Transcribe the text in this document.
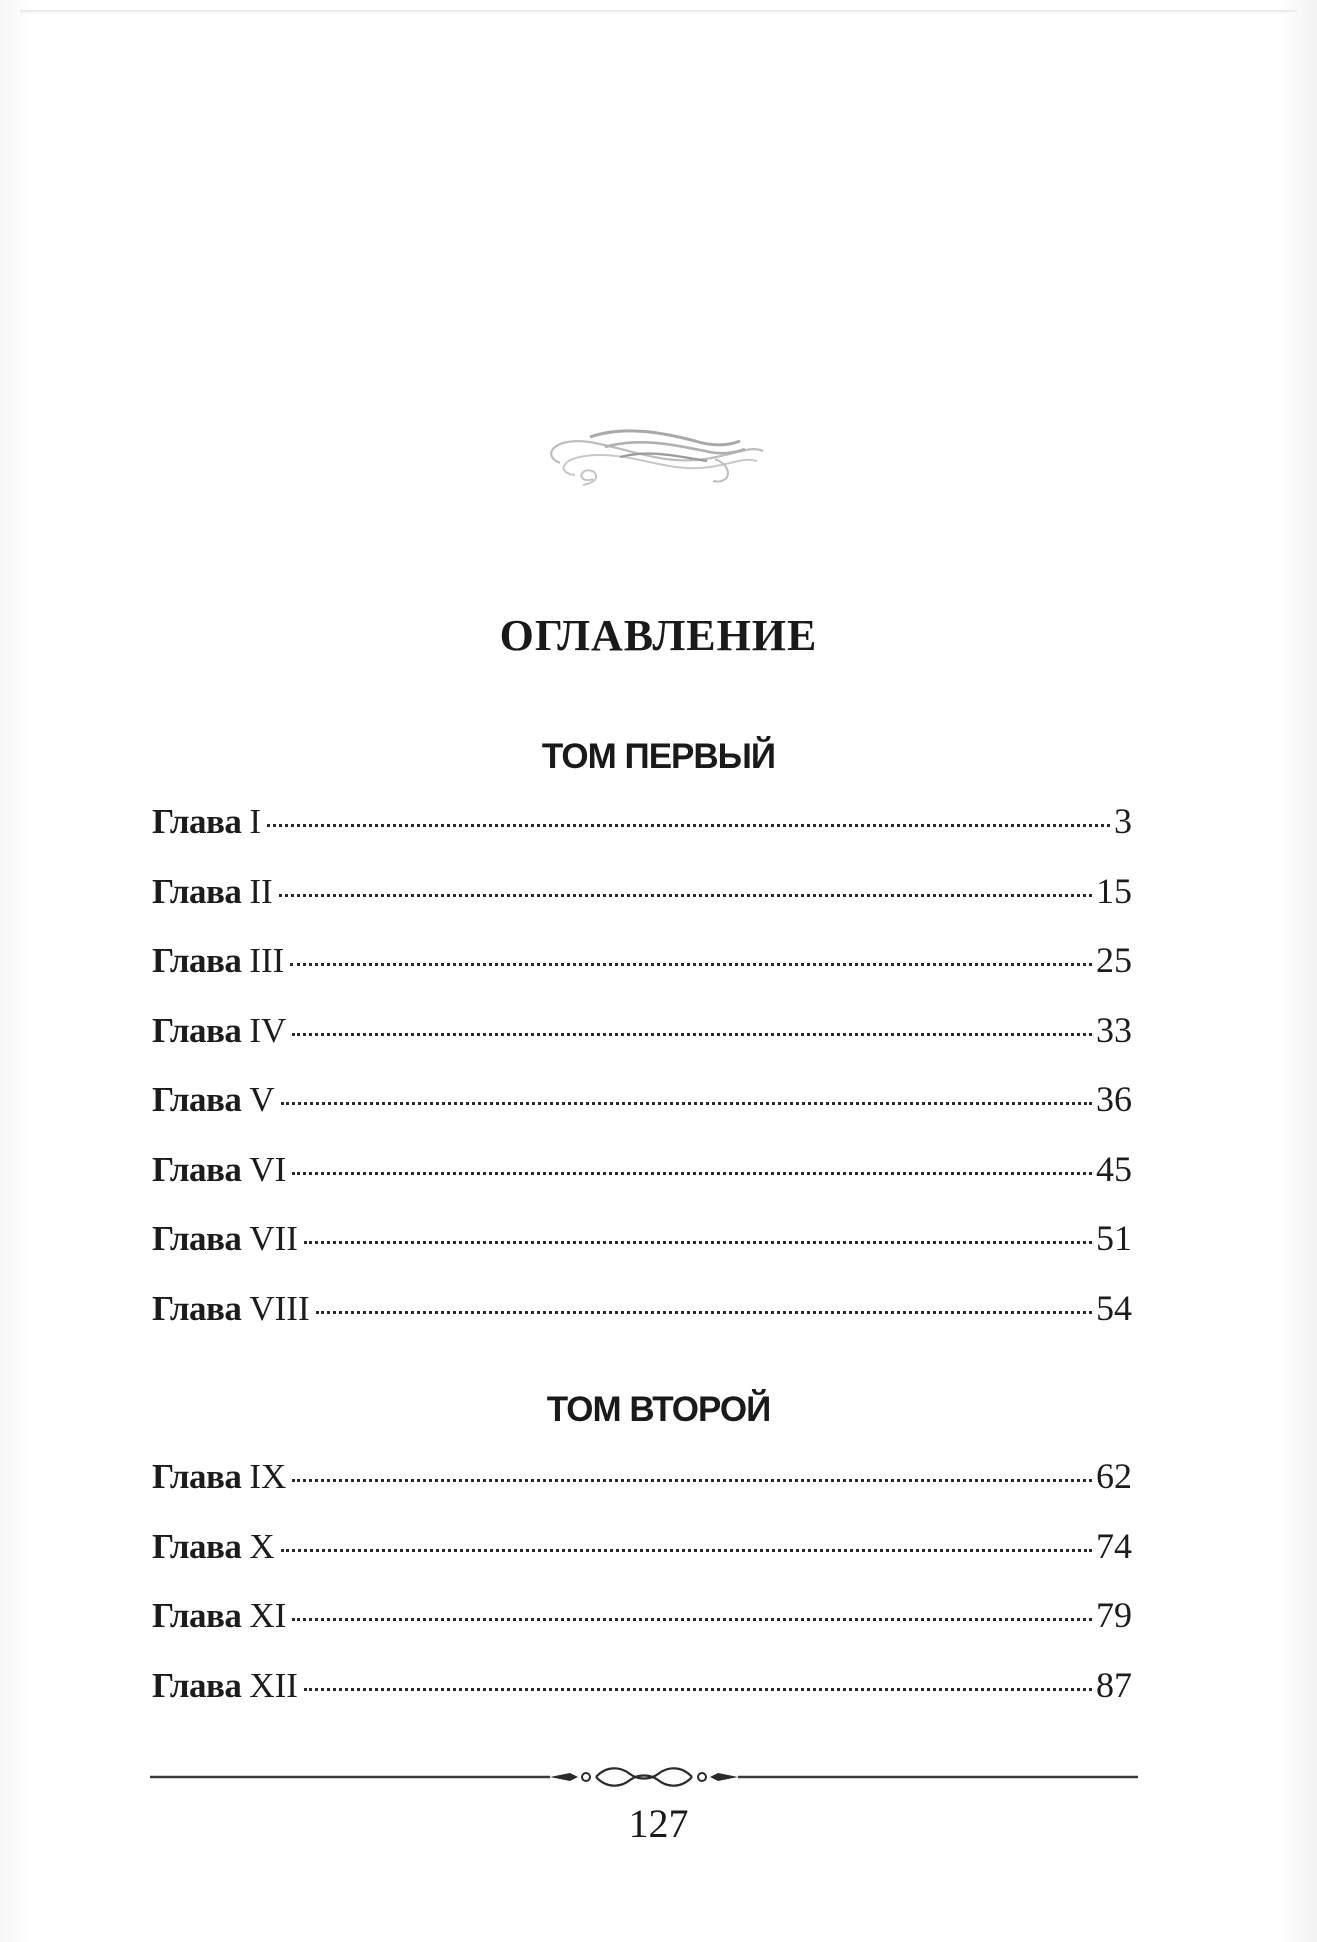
ОГЛАВЛЕНИЕ
ТОМ ПЕРВЫЙ
Глава I	3
Глава II	15
Глава III	25
Глава IV	33
Глава V	36
Глава VI	45
Глава VII	51
Глава VIII	54
ТОМ ВТОРОЙ
Глава IX	62
Глава X	74
Глава XI	79
Глава XII	87
127
